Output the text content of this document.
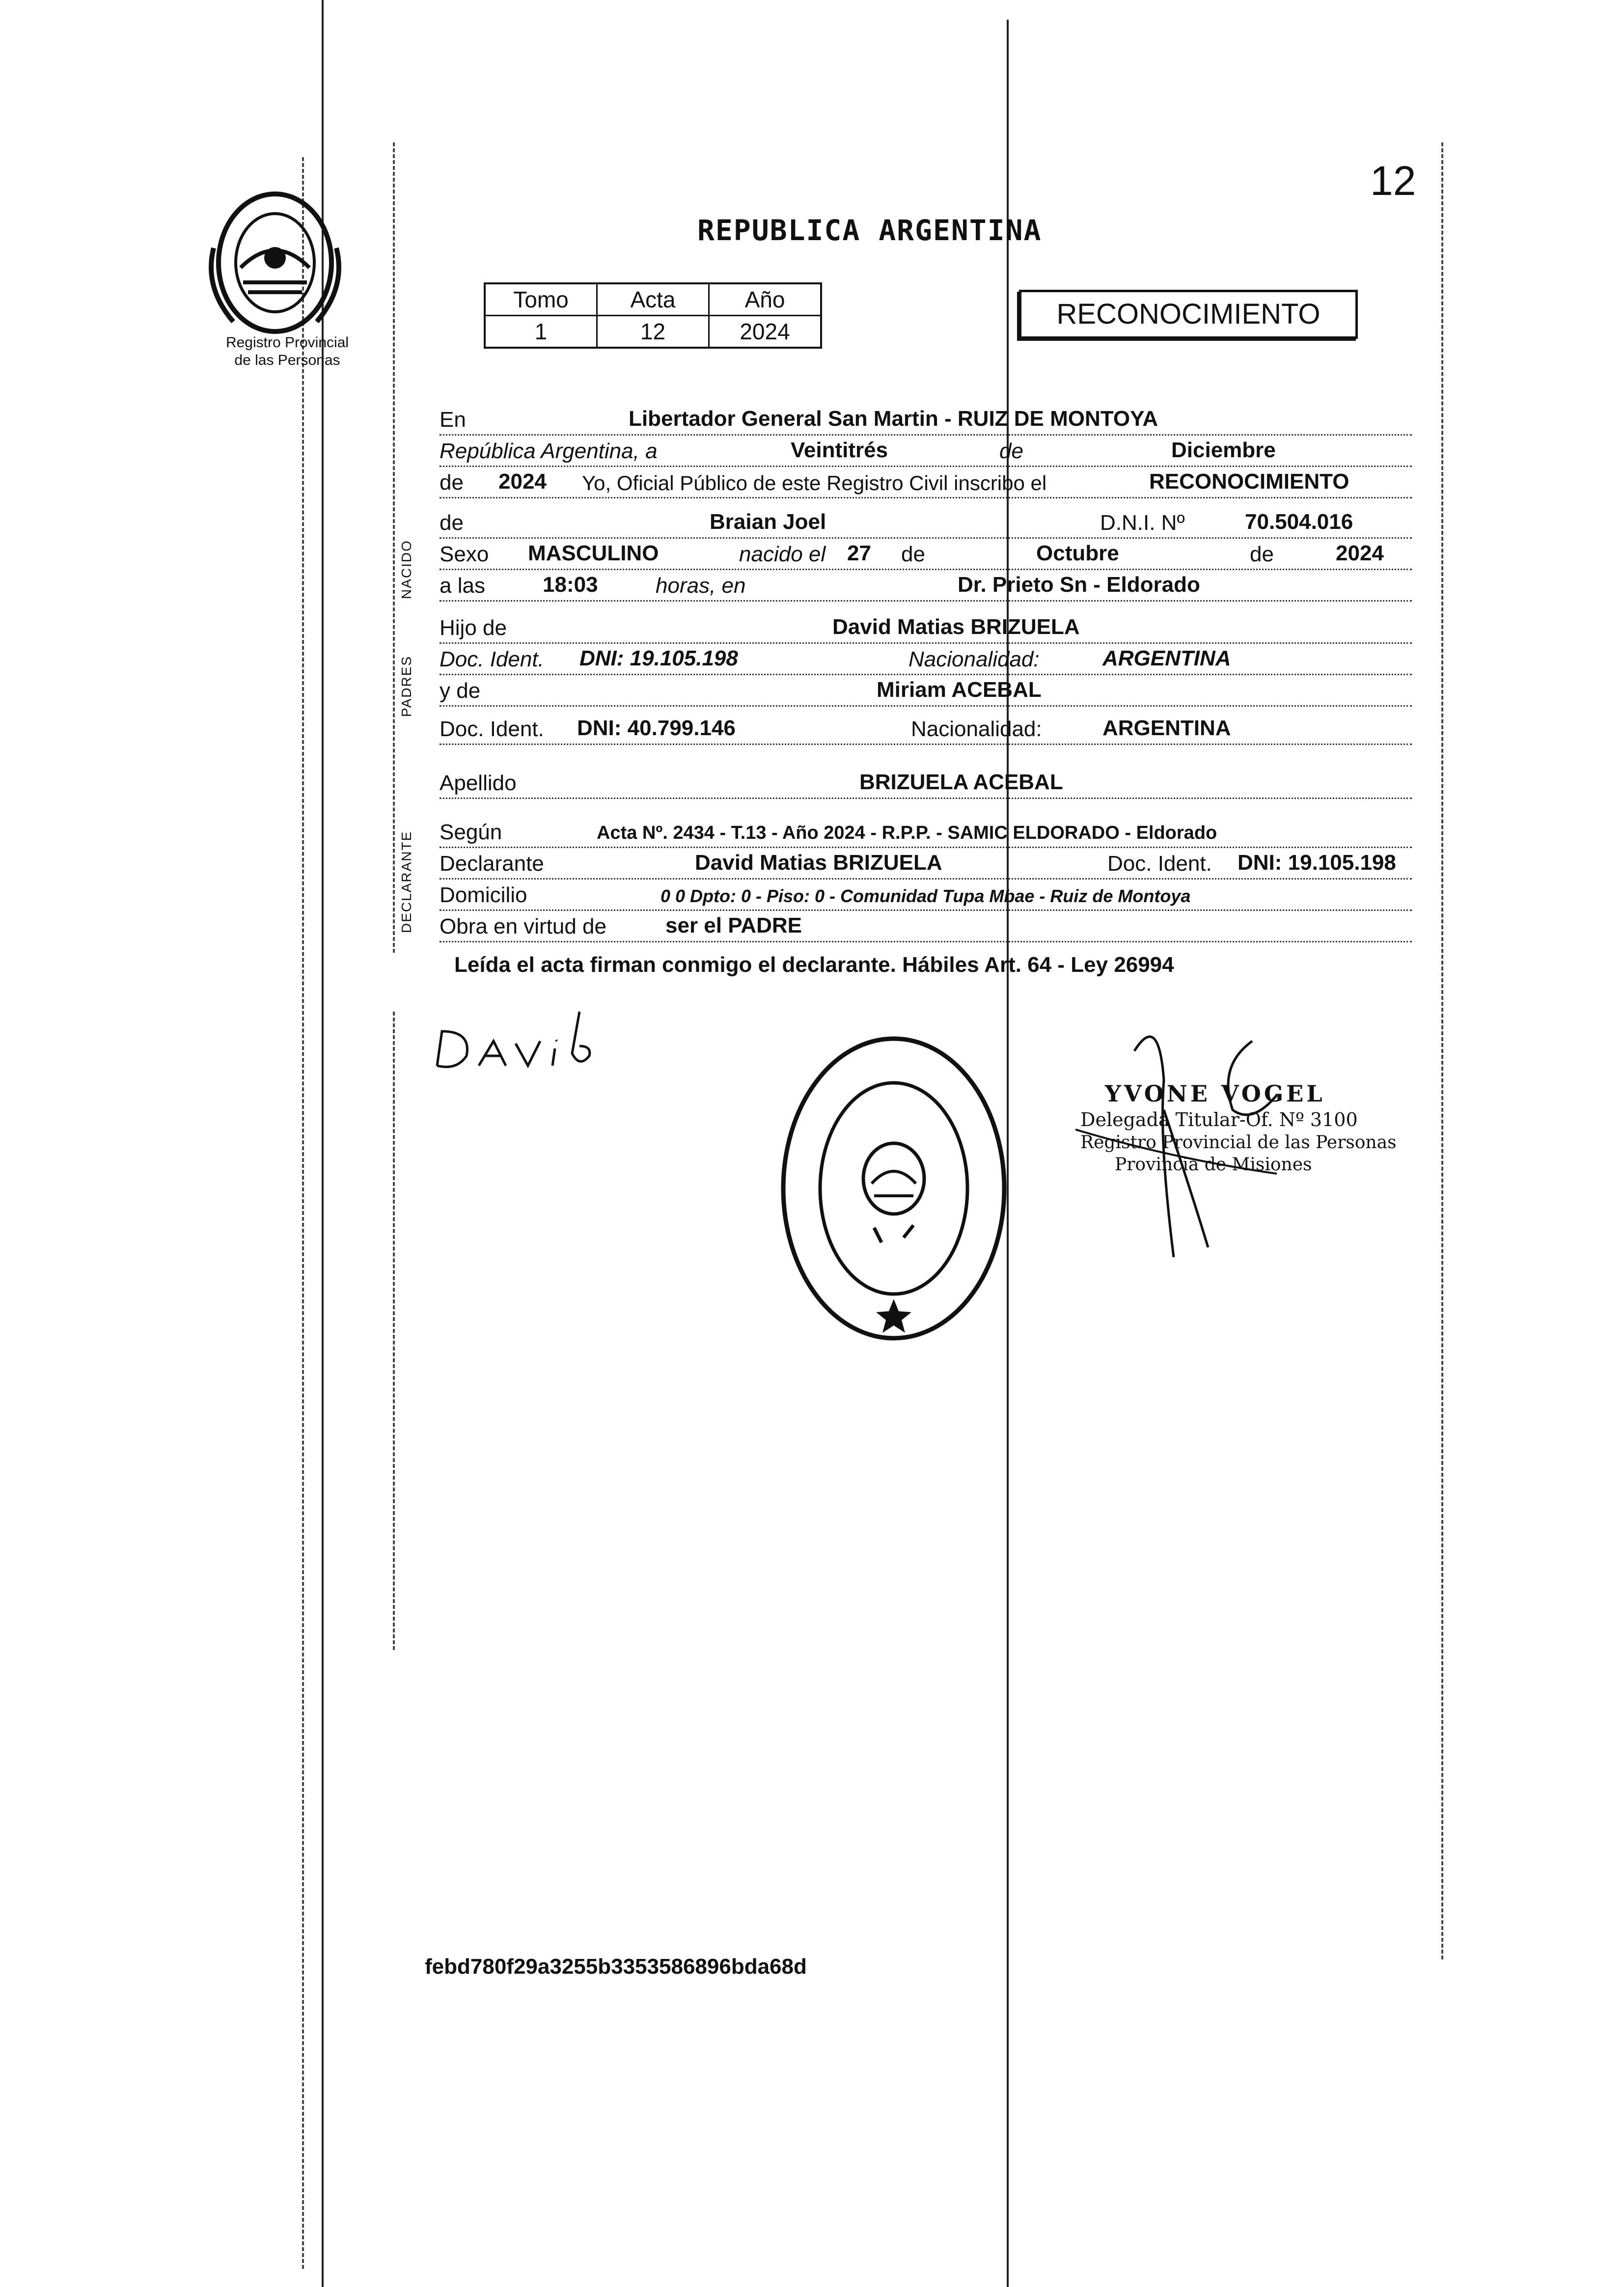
12
REPUBLICA ARGENTINA
Registro Provincial
de las Personas
Tomo	Acta	Año
1	12	2024
RECONOCIMIENTO
NACIDO
PADRES
DECLARANTE
En	Libertador General San Martin - RUIZ DE MONTOYA
República Argentina, a	Veintitrés	de	Diciembre
de 2024 Yo, Oficial Público de este Registro Civil inscribo el	RECONOCIMIENTO
de	Braian Joel	D.N.I. Nº	70.504.016
Sexo MASCULINO	nacido el 27 de	Octubre	de	2024
a las	18:03	horas, en	Dr. Prieto Sn - Eldorado
Hijo de	David Matias BRIZUELA
Doc. Ident. DNI: 19.105.198	Nacionalidad:	ARGENTINA
y de	Miriam ACEBAL
Doc. Ident. DNI: 40.799.146	Nacionalidad:	ARGENTINA
Apellido	BRIZUELA ACEBAL
Según	Acta Nº. 2434 - T.13 - Año 2024 - R.P.P. - SAMIC ELDORADO - Eldorado
Declarante	David Matias BRIZUELA	Doc. Ident. DNI: 19.105.198
Domicilio	0 0 Dpto: 0 - Piso: 0 - Comunidad Tupa Mbae - Ruiz de Montoya
Obra en virtud de	ser el PADRE
Leída el acta firman conmigo el declarante. Hábiles Art. 64 - Ley 26994
YVONE VOGEL
Delegada Titular-Of. Nº 3100
Registro Provincial de las Personas
Provincia de Misiones
febd780f29a3255b3353586896bda68d
